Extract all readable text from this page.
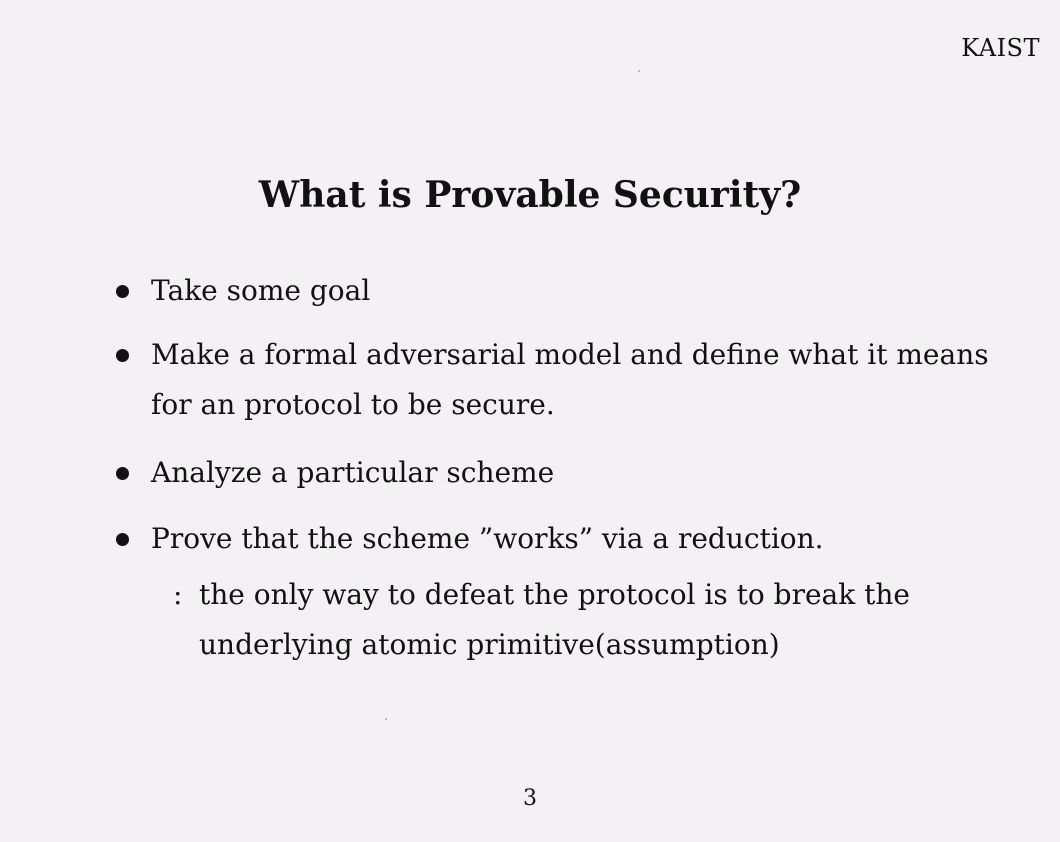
KAIST
What is Provable Security?
Take some goal
Make a formal adversarial model and define what it means for an protocol to be secure.
Analyze a particular scheme
Prove that the scheme ”works” via a reduction.
: the only way to defeat the protocol is to break the underlying atomic primitive(assumption)
3
